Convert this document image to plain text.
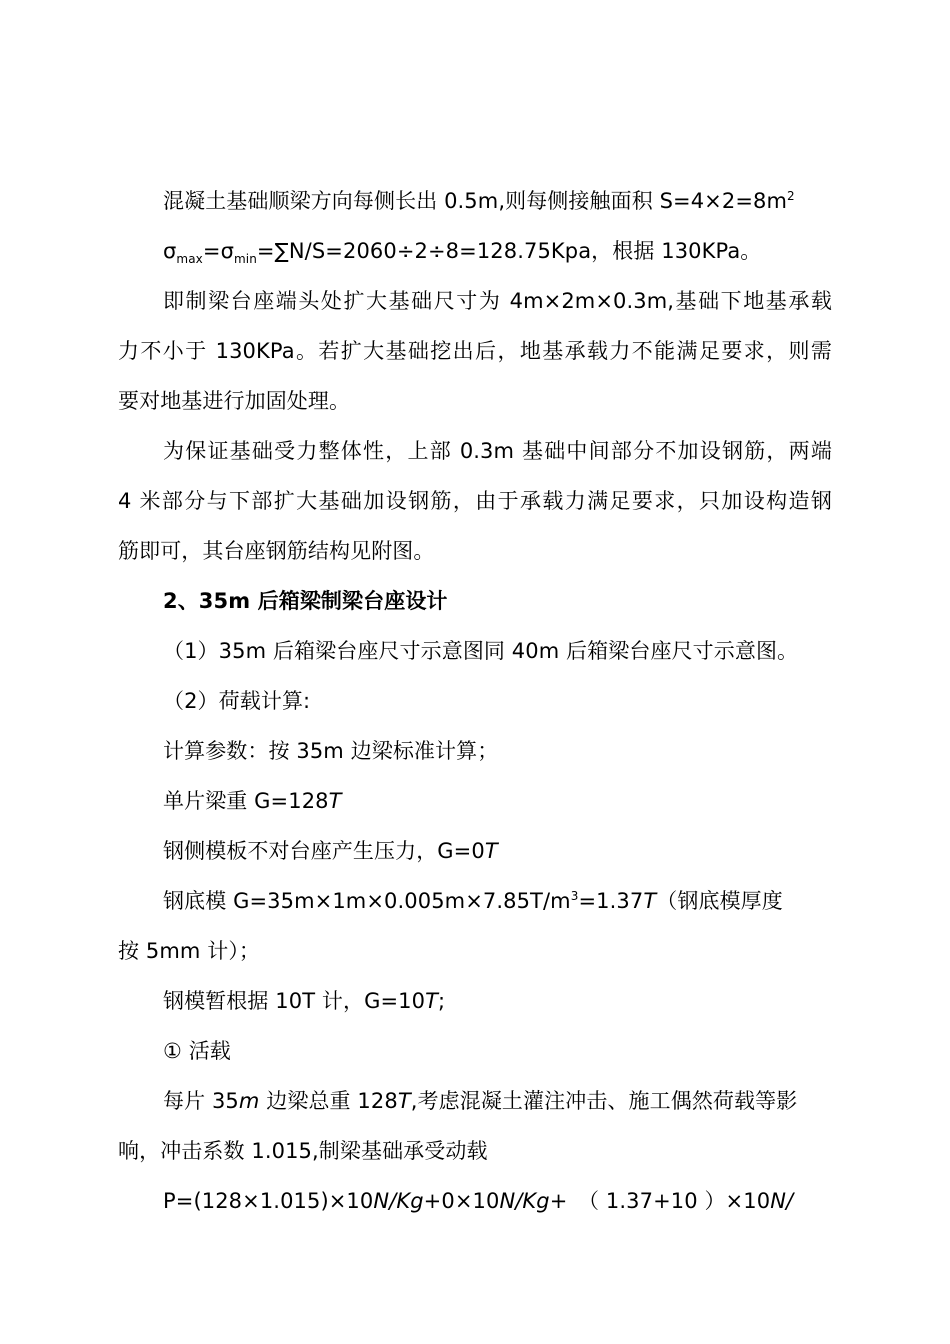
混凝土基础顺梁方向每侧长出 0.5m,则每侧接触面积 $S=4\times 2=8m^2$
$\sigma_{max}=\sigma_{min}=\sum N/S=2060\div 2\div 8=128.75Kpa$，根据 130KPa。
即制梁台座端头处扩大基础尺寸为 4m×2m×0.3m,基础下地基承载
力不小于 130KPa。若扩大基础挖出后，地基承载力不能满足要求，则需
要对地基进行加固处理。
为保证基础受力整体性，上部 0.3m 基础中间部分不加设钢筋，两端
4 米部分与下部扩大基础加设钢筋，由于承载力满足要求，只加设构造钢
筋即可，其台座钢筋结构见附图。
2、35m 后箱梁制梁台座设计
（1）35m 后箱梁台座尺寸示意图同 40m 后箱梁台座尺寸示意图。
（2）荷载计算:
计算参数：按 35m 边梁标准计算；
单片梁重 G=128T
钢侧模板不对台座产生压力，G=0T
钢底模 $G=35m\times 1m\times 0.005m\times 7.85T/m^3=1.37T$（钢底模厚度
按 5mm 计）；
钢模暂根据 10T 计，G=10T;
① 活载
每片 35m 边梁总重 128T,考虑混凝土灌注冲击、施工偶然荷载等影
响，冲击系数 1.015,制梁基础承受动载
P=(128×1.015)×10N/Kg+0×10N/Kg+　（ 1.37+10 ）×10N/
